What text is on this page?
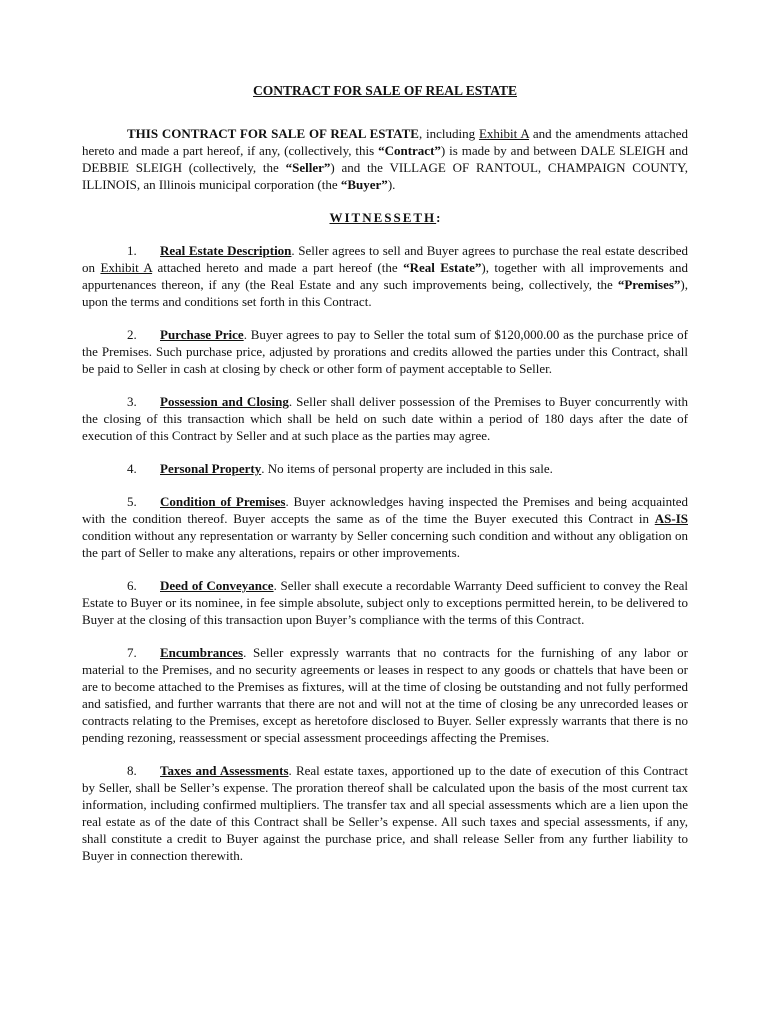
CONTRACT FOR SALE OF REAL ESTATE

THIS CONTRACT FOR SALE OF REAL ESTATE, including Exhibit A and the amendments attached hereto and made a part hereof, if any, (collectively, this “Contract”) is made by and between DALE SLEIGH and DEBBIE SLEIGH (collectively, the “Seller”) and the VILLAGE OF RANTOUL, CHAMPAIGN COUNTY, ILLINOIS, an Illinois municipal corporation (the “Buyer”).

WITNESSETH:

1. Real Estate Description. Seller agrees to sell and Buyer agrees to purchase the real estate described on Exhibit A attached hereto and made a part hereof (the “Real Estate”), together with all improvements and appurtenances thereon, if any (the Real Estate and any such improvements being, collectively, the “Premises”), upon the terms and conditions set forth in this Contract.

2. Purchase Price. Buyer agrees to pay to Seller the total sum of $120,000.00 as the purchase price of the Premises. Such purchase price, adjusted by prorations and credits allowed the parties under this Contract, shall be paid to Seller in cash at closing by check or other form of payment acceptable to Seller.

3. Possession and Closing. Seller shall deliver possession of the Premises to Buyer concurrently with the closing of this transaction which shall be held on such date within a period of 180 days after the date of execution of this Contract by Seller and at such place as the parties may agree.

4. Personal Property. No items of personal property are included in this sale.

5. Condition of Premises. Buyer acknowledges having inspected the Premises and being acquainted with the condition thereof. Buyer accepts the same as of the time the Buyer executed this Contract in AS-IS condition without any representation or warranty by Seller concerning such condition and without any obligation on the part of Seller to make any alterations, repairs or other improvements.

6. Deed of Conveyance. Seller shall execute a recordable Warranty Deed sufficient to convey the Real Estate to Buyer or its nominee, in fee simple absolute, subject only to exceptions permitted herein, to be delivered to Buyer at the closing of this transaction upon Buyer’s compliance with the terms of this Contract.

7. Encumbrances. Seller expressly warrants that no contracts for the furnishing of any labor or material to the Premises, and no security agreements or leases in respect to any goods or chattels that have been or are to become attached to the Premises as fixtures, will at the time of closing be outstanding and not fully performed and satisfied, and further warrants that there are not and will not at the time of closing be any unrecorded leases or contracts relating to the Premises, except as heretofore disclosed to Buyer. Seller expressly warrants that there is no pending rezoning, reassessment or special assessment proceedings affecting the Premises.

8. Taxes and Assessments. Real estate taxes, apportioned up to the date of execution of this Contract by Seller, shall be Seller’s expense. The proration thereof shall be calculated upon the basis of the most current tax information, including confirmed multipliers. The transfer tax and all special assessments which are a lien upon the real estate as of the date of this Contract shall be Seller’s expense. All such taxes and special assessments, if any, shall constitute a credit to Buyer against the purchase price, and shall release Seller from any further liability to Buyer in connection therewith.
